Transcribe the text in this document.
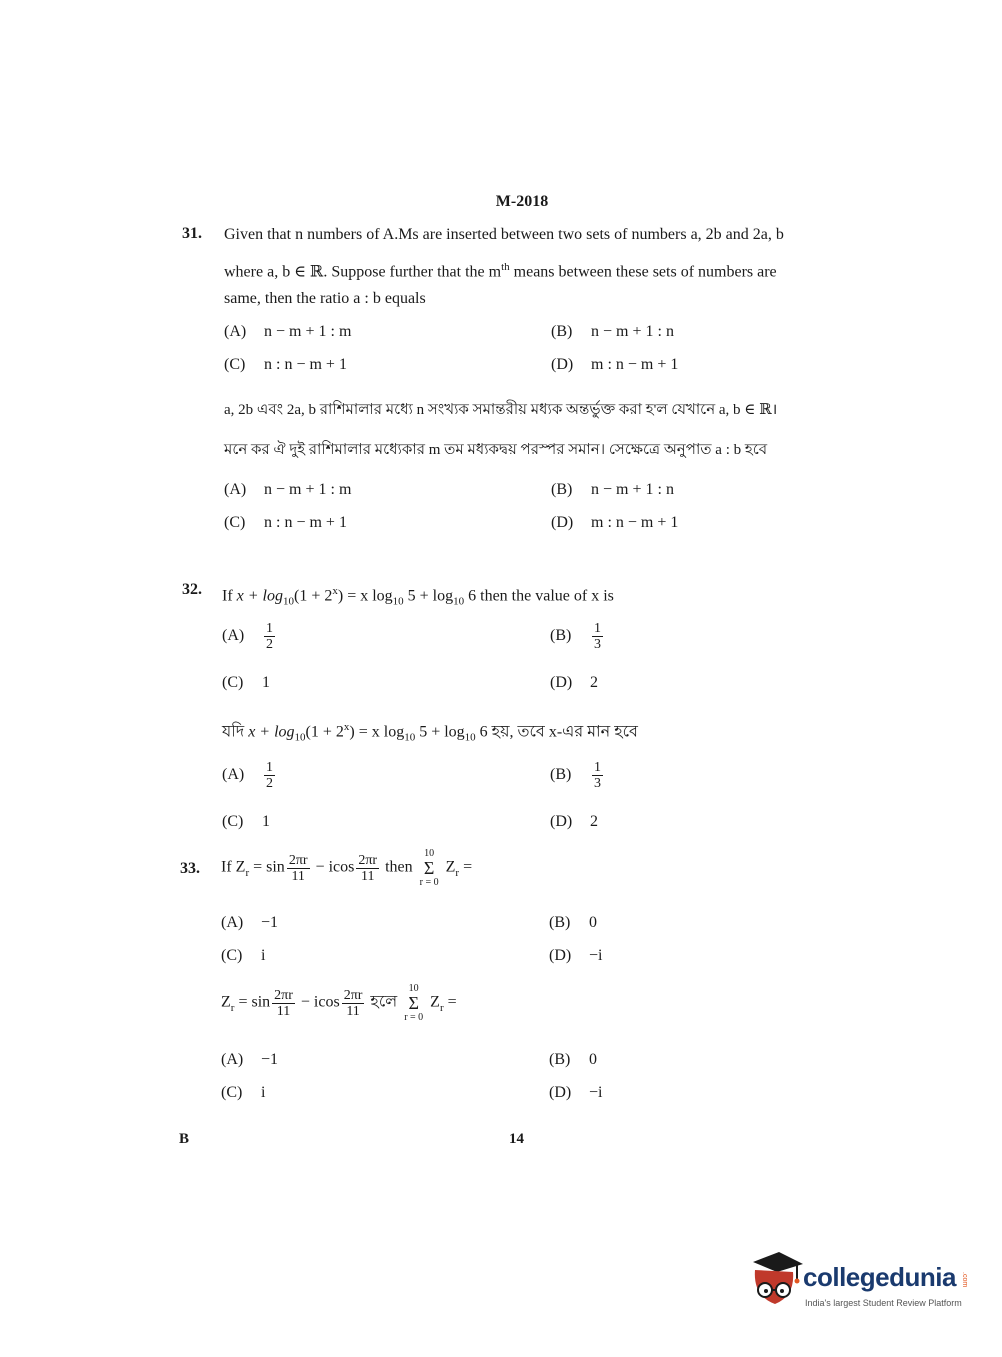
M-2018
31. Given that n numbers of A.Ms are inserted between two sets of numbers a, 2b and 2a, b
where a, b ∈ ℝ. Suppose further that the $m^{th}$ means between these sets of numbers are
same, then the ratio a : b equals
(A) n − m + 1 : m	(B) n − m + 1 : n
(C) n : n − m + 1	(D) m : n − m + 1
a, 2b এবং 2a, b রাশিমালার মধ্যে n সংখ্যক সমান্তরীয় মধ্যক অন্তর্ভুক্ত করা হ'ল যেখানে a, b ∈ ℝ।
মনে কর ঐ দুই রাশিমালার মধ্যেকার m তম মধ্যকদ্বয় পরস্পর সমান। সেক্ষেত্রে অনুপাত a : b হবে
(A) n − m + 1 : m	(B) n − m + 1 : n
(C) n : n − m + 1	(D) m : n − m + 1
32. If $x + \log_{10}(1 + 2^x) = x$ $\log_{10} 5 + \log_{10} 6$ then the value of x is
$(A) \frac{1}{2}$	$(B) \frac{1}{3}$
(C) 1	(D) 2
যদি $x + \log_{10}(1 + 2^x) = x$ $\log_{10} 5 + \log_{10} 6$ হয়, তবে x-এর মান হবে
$(A) \frac{1}{2}$	$(B) \frac{1}{3}$
(C) 1	(D) 2
33. If $Z_r = \sin \frac{2\pi r}{11} - icos \frac{2\pi r}{11}$ then
10
Σ
r = 0
$Z_r$ =
(A) −1	(B) 0
(C) i	(D) −i
$Z_r = \sin \frac{2\pi r}{11} - icos \frac{2\pi r}{11}$ হলে
10
Σ
r = 0
$Z_r$ =
(A) −1	(B) 0
(C) i	(D) −i
B	14
collegedunia .com
India's largest Student Review Platform
